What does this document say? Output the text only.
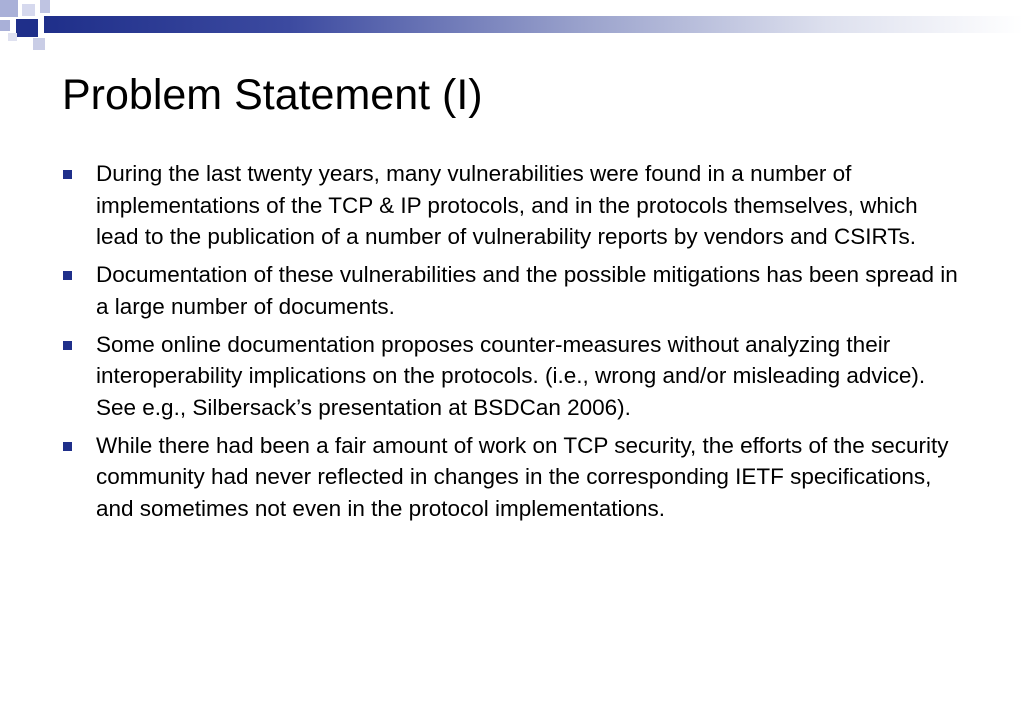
Problem Statement (I)
During the last twenty years, many vulnerabilities were found in a number of implementations of the TCP & IP protocols, and in the protocols themselves, which lead to the publication of a number of vulnerability reports by vendors and CSIRTs.
Documentation of these vulnerabilities and the possible mitigations has been spread in a large number of documents.
Some online documentation proposes counter-measures without analyzing their interoperability implications on the protocols. (i.e., wrong and/or misleading advice). See e.g., Silbersack’s presentation at BSDCan 2006).
While there had been a fair amount of work on TCP security, the efforts of the security community had never reflected in changes in the corresponding IETF specifications, and sometimes not even in the protocol implementations.
